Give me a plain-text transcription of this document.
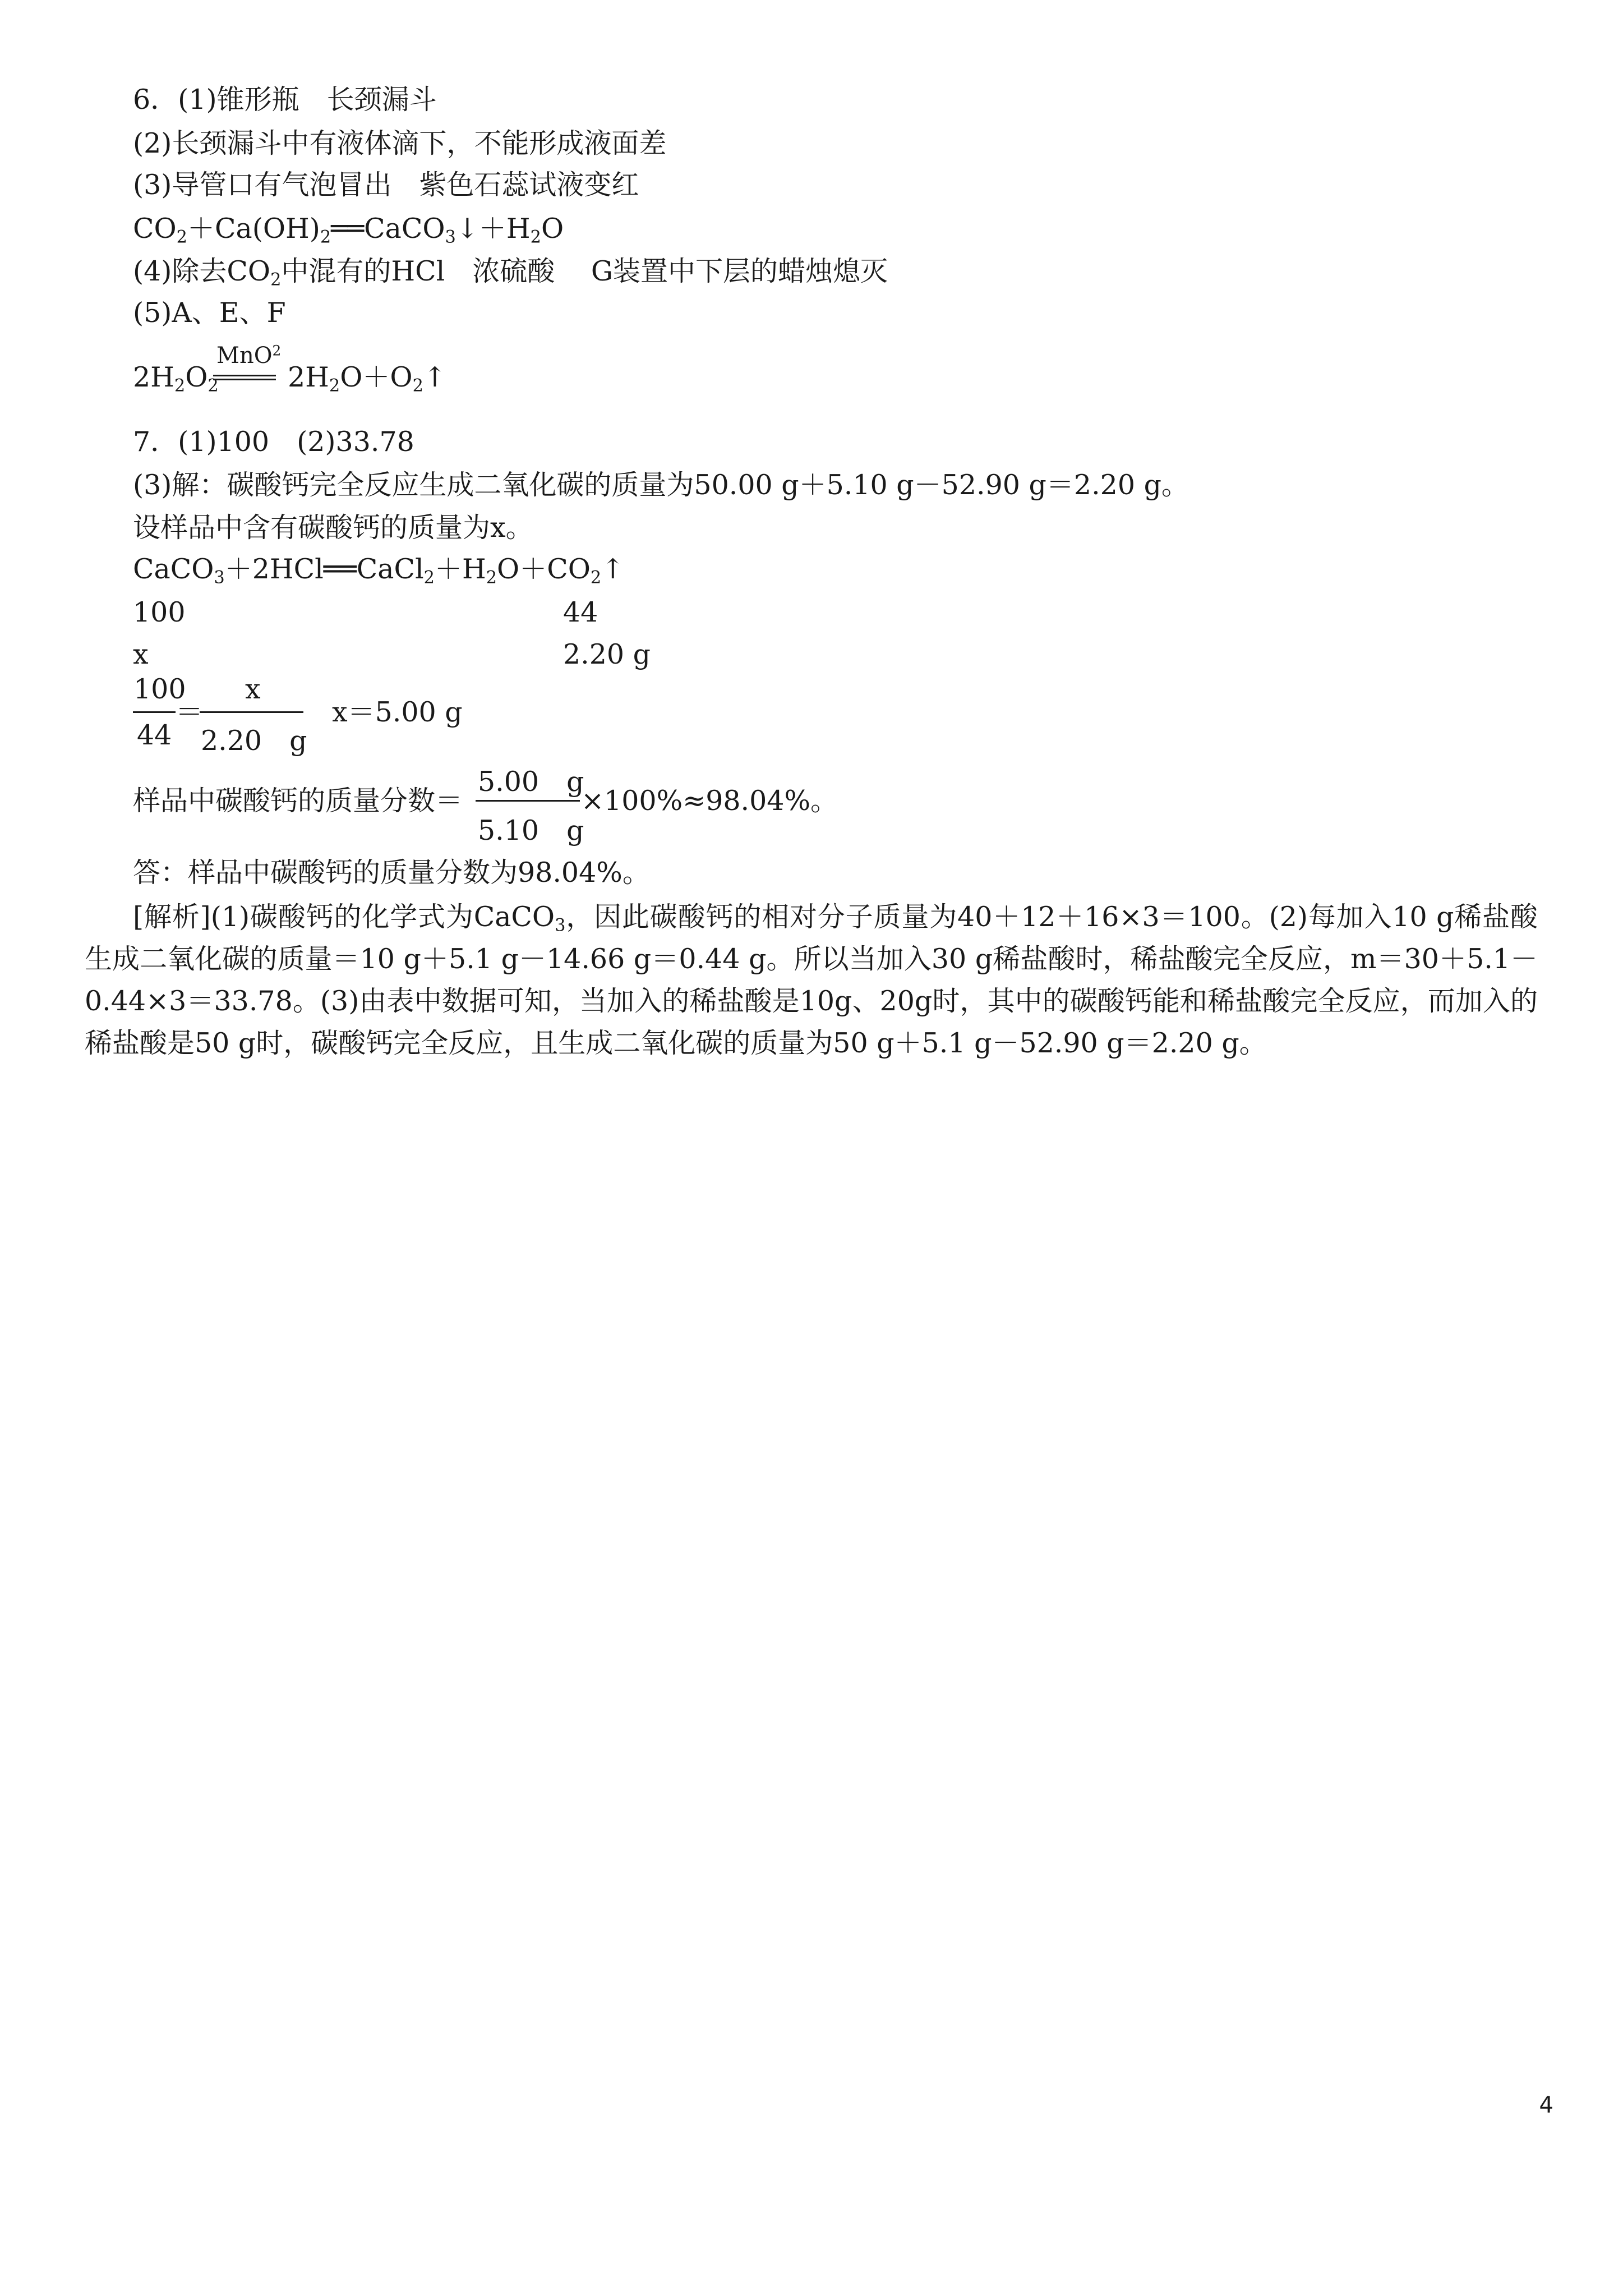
6．(1)锥形瓶　长颈漏斗
(2)长颈漏斗中有液体滴下，不能形成液面差
(3)导管口有气泡冒出　紫色石蕊试液变红
$CO_2+Ca(OH)_2══CaCO_3↓+H_2O$
(4)除去$CO_2$中混有的HCl　浓硫酸　 G装置中下层的蜡烛熄灭
(5)A、E、F
$2H_2O_2$
MnO$^2$
$2H_2O+O_2↑$
7．(1)100　(2)33.78
(3)解：碳酸钙完全反应生成二氧化碳的质量为50.00 g＋5.10 g－52.90 g＝2.20 g。
设样品中含有碳酸钙的质量为x。
$CaCO_3+2HCl══CaCl_2+H_2O+CO_2↑$
100	44
x	2.20 g
100
44
＝
x
2.20　g
x＝5.00 g
样品中碳酸钙的质量分数＝
5.00　g
5.10　g
×100%≈98.04%。
答：样品中碳酸钙的质量分数为98.04%。
[解析](1)碳酸钙的化学式为CaCO$_3$，因此碳酸钙的相对分子质量为40＋12＋16×3＝100。(2)每加入10 g稀盐酸生成二氧化碳的质量＝10 g＋5.1 g－14.66 g＝0.44 g。所以当加入30 g稀盐酸时，稀盐酸完全反应，m＝30＋5.1－0.44×3＝33.78。(3)由表中数据可知，当加入的稀盐酸是10g、20g时，其中的碳酸钙能和稀盐酸完全反应，而加入的稀盐酸是50 g时，碳酸钙完全反应，且生成二氧化碳的质量为50 g＋5.1 g－52.90 g＝2.20 g。
4
